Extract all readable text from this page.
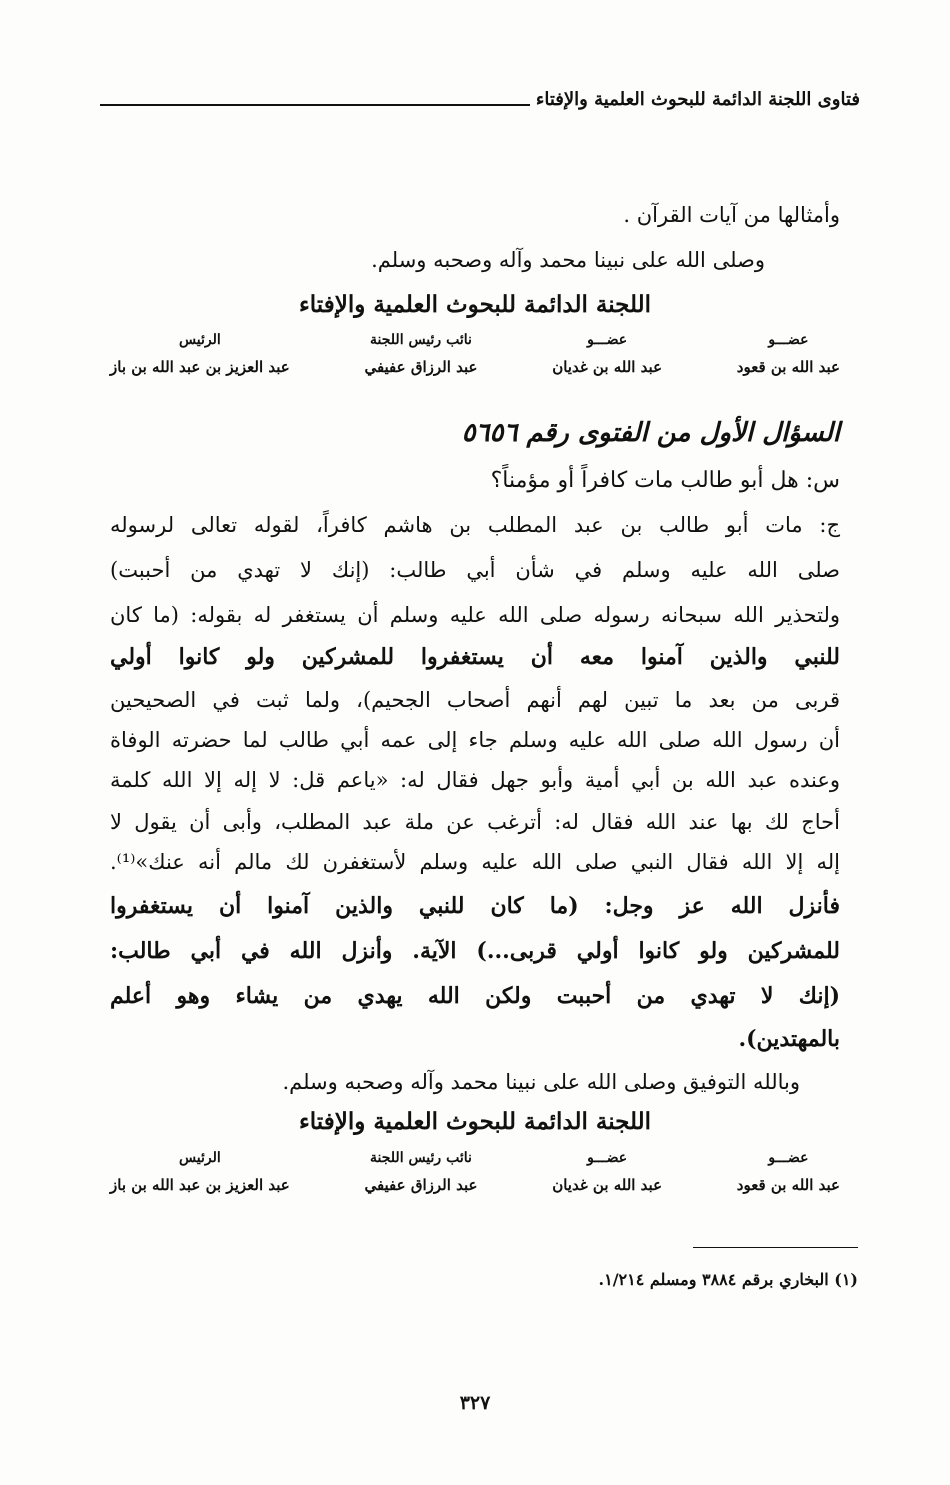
فتاوى اللجنة الدائمة للبحوث العلمية والإفتاء
وأمثالها من آيات القرآن .
وصلى الله على نبينا محمد وآله وصحبه وسلم.
اللجنة الدائمة للبحوث العلمية والإفتاء
عضـــو
عبد الله بن قعود
عضـــو
عبد الله بن غديان
نائب رئيس اللجنة
عبد الرزاق عفيفي
الرئيس
عبد العزيز بن عبد الله بن باز
السؤال الأول من الفتوى رقم ٥٦٥٦
س: هل أبو طالب مات كافراً أو مؤمناً؟
ج: مات أبو طالب بن عبد المطلب بن هاشم كافراً، لقوله تعالى لرسوله
صلى الله عليه وسلم في شأن أبي طالب: (إنك لا تهدي من أحببت)
ولتحذير الله سبحانه رسوله صلى الله عليه وسلم أن يستغفر له بقوله: (ما كان
للنبي والذين آمنوا معه أن يستغفروا للمشركين ولو كانوا أولي
قربى من بعد ما تبين لهم أنهم أصحاب الجحيم)، ولما ثبت في الصحيحين
أن رسول الله صلى الله عليه وسلم جاء إلى عمه أبي طالب لما حضرته الوفاة
وعنده عبد الله بن أبي أمية وأبو جهل فقال له: «ياعم قل: لا إله إلا الله كلمة
أحاج لك بها عند الله فقال له: أترغب عن ملة عبد المطلب، وأبى أن يقول لا
إله إلا الله فقال النبي صلى الله عليه وسلم لأستغفرن لك مالم أنه عنك»⁽¹⁾.
فأنزل الله عز وجل: (ما كان للنبي والذين آمنوا أن يستغفروا
للمشركين ولو كانوا أولي قربى...) الآية. وأنزل الله في أبي طالب:
(إنك لا تهدي من أحببت ولكن الله يهدي من يشاء وهو أعلم
بالمهتدين).
وبالله التوفيق وصلى الله على نبينا محمد وآله وصحبه وسلم.
اللجنة الدائمة للبحوث العلمية والإفتاء
عضـــو
عبد الله بن قعود
عضـــو
عبد الله بن غديان
نائب رئيس اللجنة
عبد الرزاق عفيفي
الرئيس
عبد العزيز بن عبد الله بن باز
(١) البخاري برقم ٣٨٨٤ ومسلم ١/٢١٤.
٣٢٧
